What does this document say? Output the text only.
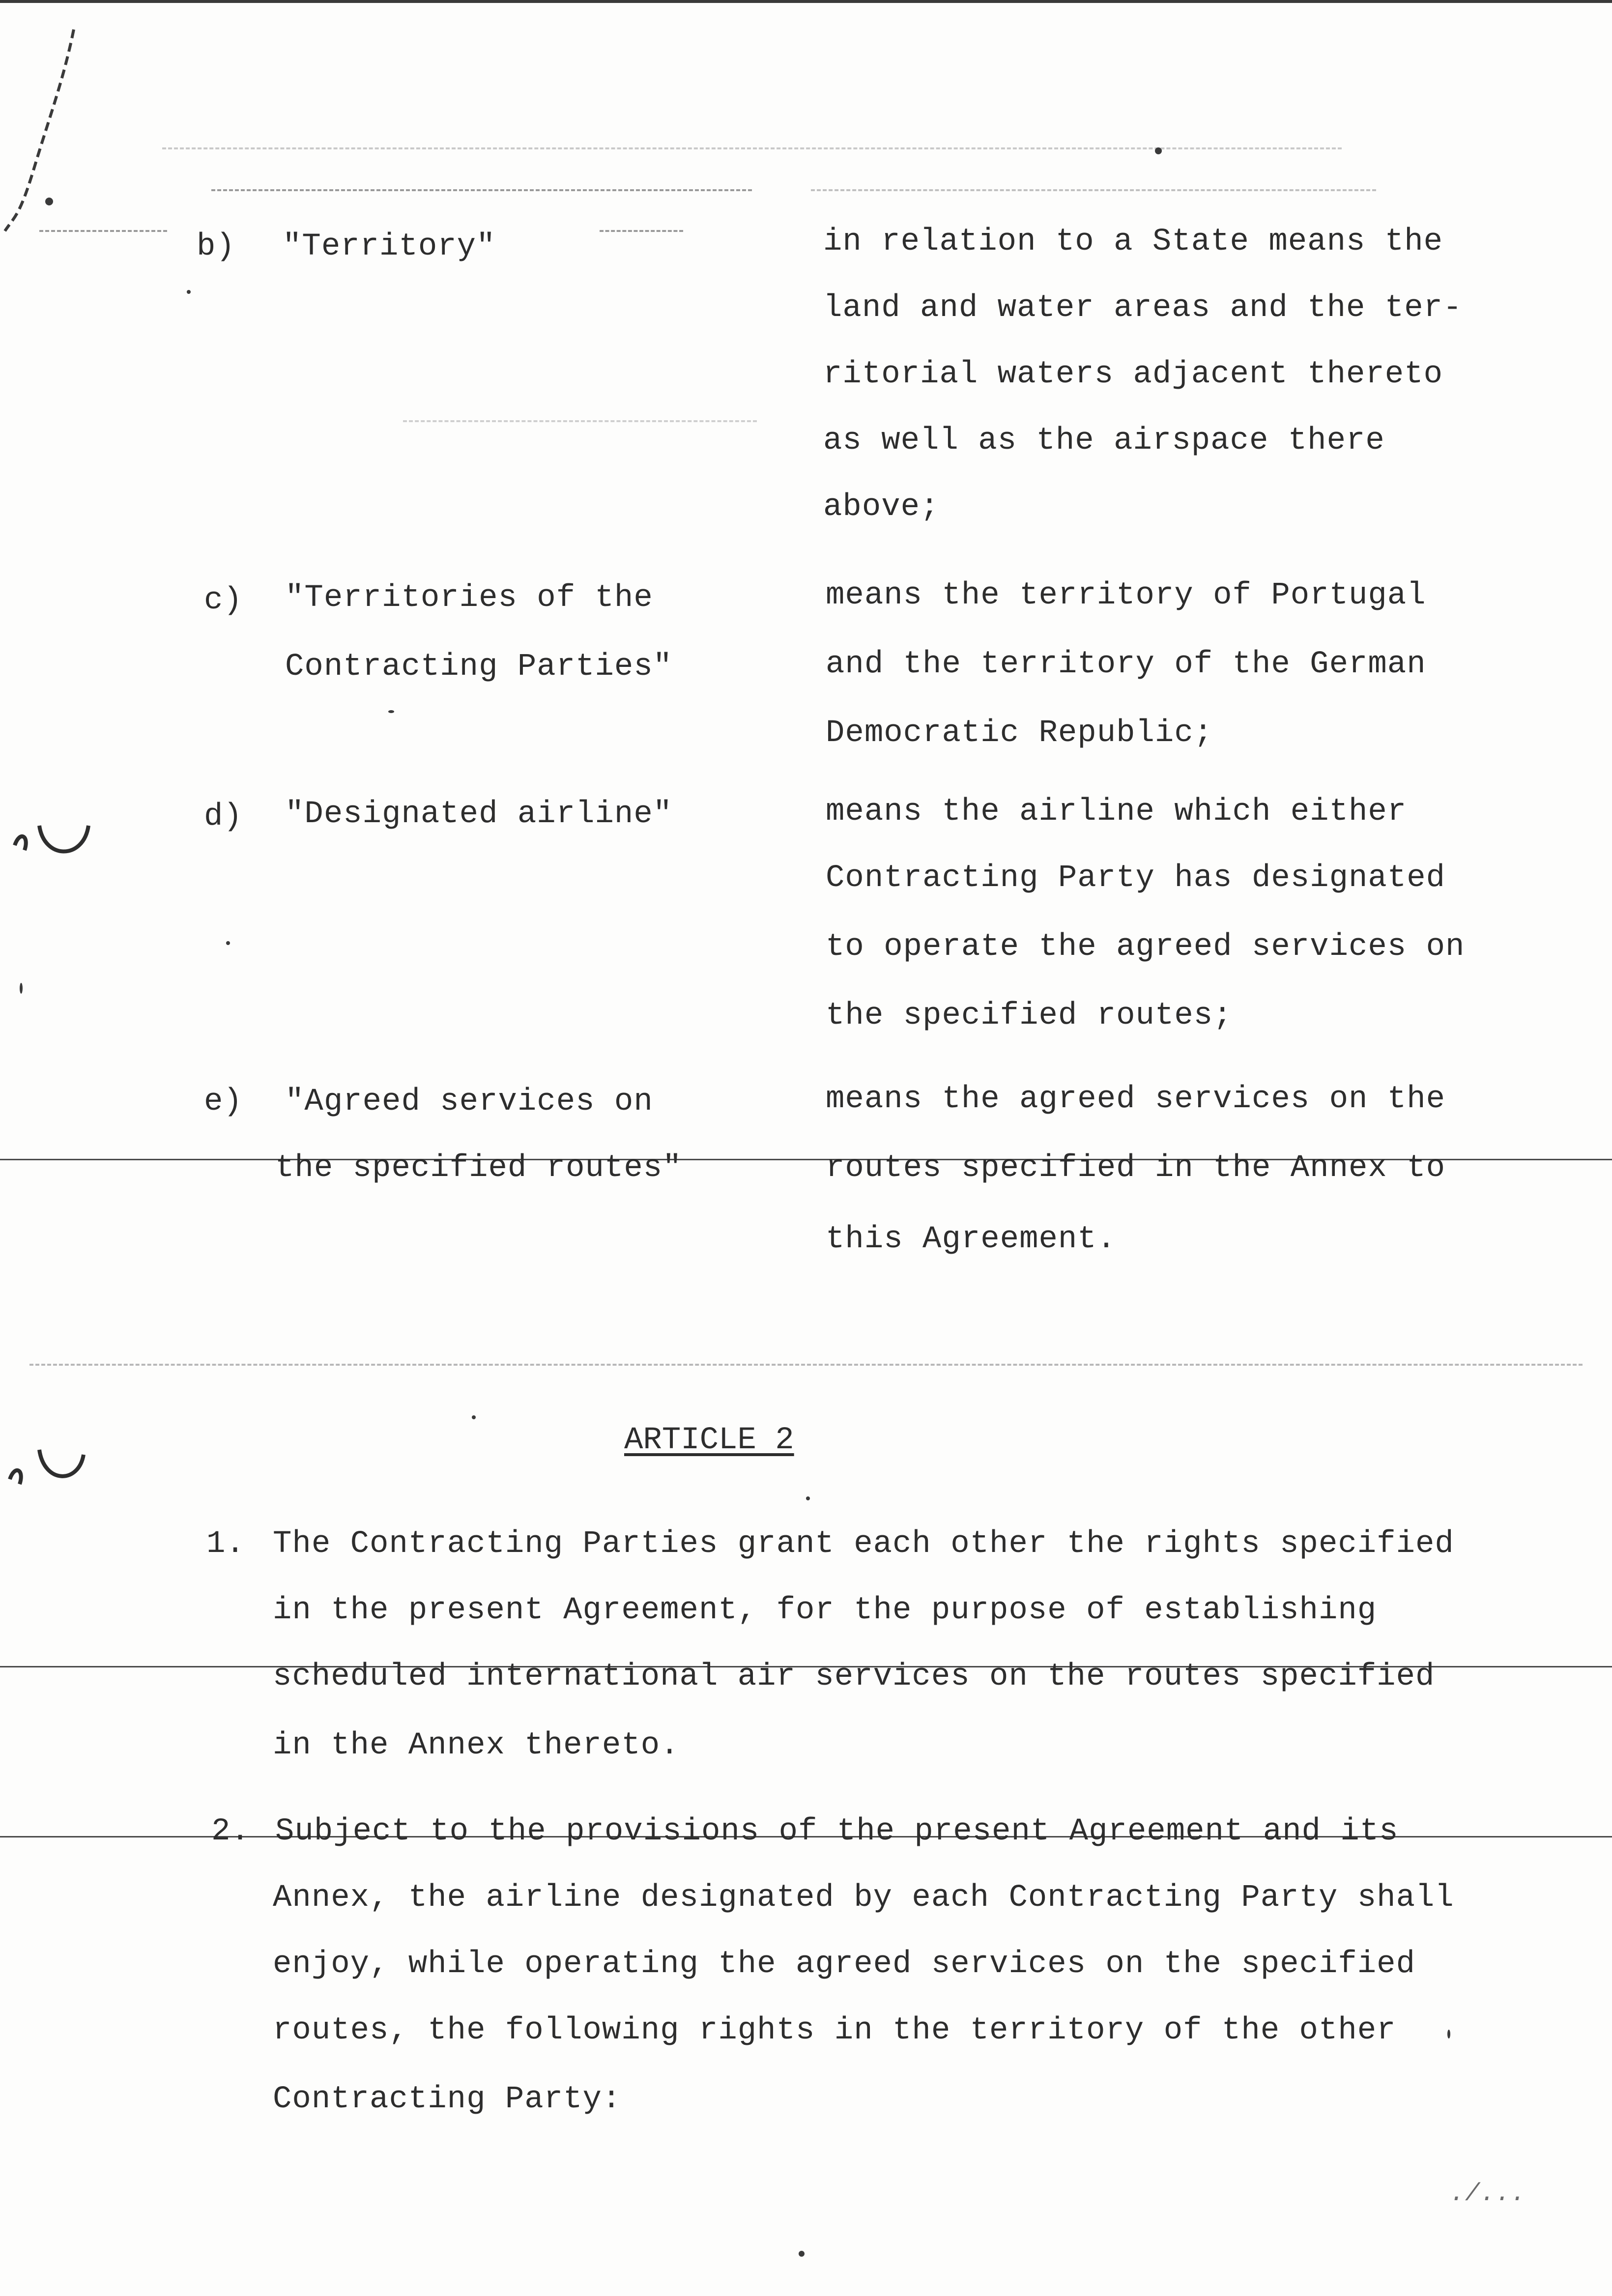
b) "Territory"	in relation to a State means the
land and water areas and the ter-
ritorial waters adjacent thereto
as well as the airspace there
above;
c) "Territories of the
Contracting Parties"
means the territory of Portugal
and the territory of the German
Democratic Republic;
d) "Designated airline"	means the airline which either
Contracting Party has designated
to operate the agreed services on
the specified routes;
e) "Agreed services on
the specified routes"
means the agreed services on the
routes specified in the Annex to
this Agreement.
ARTICLE 2
1. The Contracting Parties grant each other the rights specified
in the present Agreement, for the purpose of establishing
scheduled international air services on the routes specified
in the Annex thereto.
2. Subject to the provisions of the present Agreement and its
Annex, the airline designated by each Contracting Party shall
enjoy, while operating the agreed services on the specified
routes, the following rights in the territory of the other
Contracting Party:
./...
